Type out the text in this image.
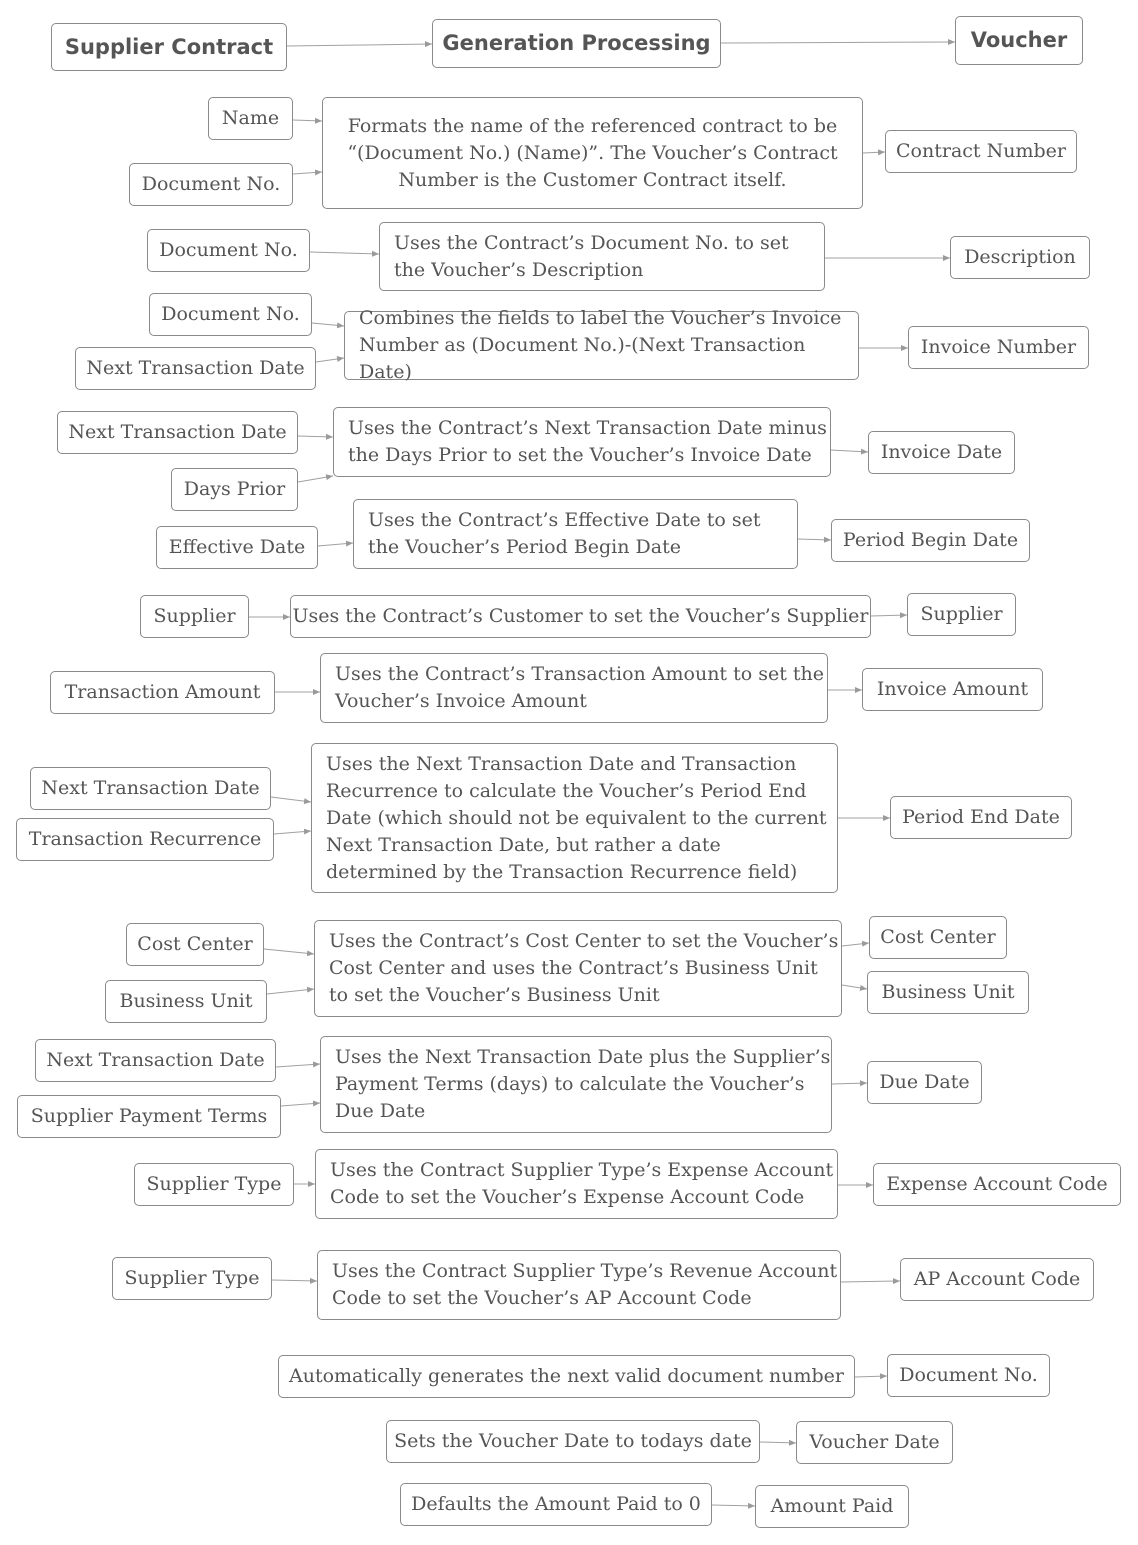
Supplier Contract	Generation Processing	Voucher
Name
Document No.
Formats the name of the referenced contract to be “(Document No.) (Name)”. The Voucher’s Contract Number is the Customer Contract itself.
Contract Number
Document No.	Uses the Contract’s Document No. to set the Voucher’s Description
Description
Document No.
Next Transaction Date
Combines the fields to label the Voucher’s Invoice Number as (Document No.)-(Next Transaction Date)
Invoice Number
Next Transaction Date
Days Prior
Uses the Contract’s Next Transaction Date minus the Days Prior to set the Voucher’s Invoice Date	Invoice Date
Effective Date
Uses the Contract’s Effective Date to set the Voucher’s Period Begin Date	Period Begin Date
Supplier	Uses the Contract’s Customer to set the Voucher’s Supplier	Supplier
Transaction Amount
Uses the Contract’s Transaction Amount to set the Voucher’s Invoice Amount
Invoice Amount
Next Transaction Date
Transaction Recurrence
Uses the Next Transaction Date and Transaction Recurrence to calculate the Voucher’s Period End Date (which should not be equivalent to the current Next Transaction Date, but rather a date determined by the Transaction Recurrence field)
Period End Date
Cost Center
Business Unit
Uses the Contract’s Cost Center to set the Voucher’s Cost Center and uses the Contract’s Business Unit to set the Voucher’s Business Unit
Cost Center
Business Unit
Next Transaction Date
Supplier Payment Terms
Uses the Next Transaction Date plus the Supplier’s Payment Terms (days) to calculate the Voucher’s Due Date
Due Date
Supplier Type
Uses the Contract Supplier Type’s Expense Account Code to set the Voucher’s Expense Account Code
Expense Account Code
Supplier Type	Uses the Contract Supplier Type’s Revenue Account Code to set the Voucher’s AP Account Code
AP Account Code
Automatically generates the next valid document number	Document No.
Sets the Voucher Date to todays date	Voucher Date
Defaults the Amount Paid to 0	Amount Paid
